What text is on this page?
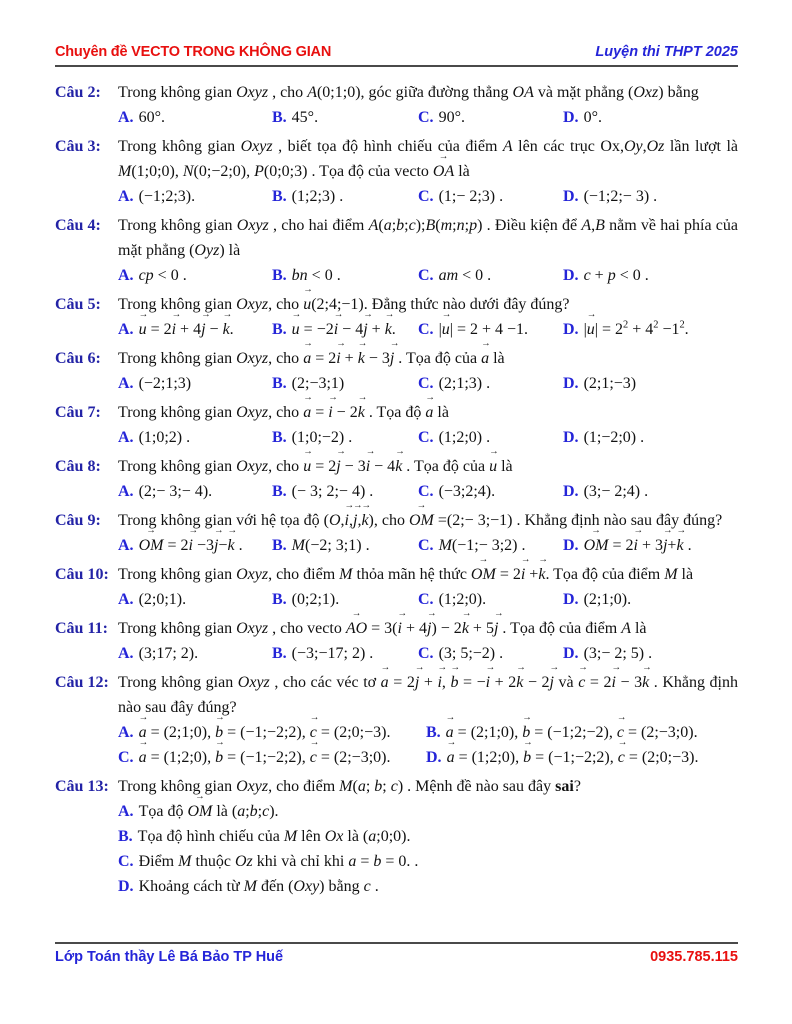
Chuyên đề VECTO TRONG KHÔNG GIAN	Luyện thi THPT 2025
Câu 2:	Trong không gian Oxyz , cho A(0;1;0), góc giữa đường thẳng OA và mặt phẳng (Oxz) bằng
A. 60°.	B. 45°.	C. 90°.	D. 0°.
Câu 3:	Trong không gian Oxyz , biết tọa độ hình chiếu của điểm A lên các trục Ox,Oy,Oz lần lượt là M(1;0;0), N(0;−2;0), P(0;0;3) . Tọa độ của vecto OA → là
A. (−1;2;3).	B. (1;2;3) .	C. (1;− 2;3) .	D. (−1;2;− 3) .
Câu 4:	Trong không gian Oxyz , cho hai điểm A(a;b;c);B(m;n;p) . Điều kiện để A,B nằm về hai phía của mặt phẳng (Oyz) là
A. cp < 0 .	B. bn < 0 .	C. am < 0 .	D. c + p < 0 .
Câu 5:	Trong không gian Oxyz, cho u →(2;4;−1). Đẳng thức nào dưới đây đúng?
A. u → = 2i → + 4j → − k →.	B. u → = −2i → − 4j → + k →.	C. |u →| = 2 + 4 −1.	D. |u →| = $2^2 + 4^2 -1^2$.
Câu 6:	Trong không gian Oxyz, cho a → = 2i → + k → − 3j → . Tọa độ của a → là
A. (−2;1;3)	B. (2;−3;1)	C. (2;1;3) .	D. (2;1;−3)
Câu 7:	Trong không gian Oxyz, cho a → = i → − 2k → . Tọa độ a → là
A. (1;0;2) .	B. (1;0;−2) .	C. (1;2;0) .	D. (1;−2;0) .
Câu 8:	Trong không gian Oxyz, cho u → = 2j → − 3i → − 4k → . Tọa độ của u → là
A. (2;− 3;− 4).	B. (− 3; 2;− 4) .	C. (−3;2;4).	D. (3;− 2;4) .
Câu 9:	Trong không gian với hệ tọa độ (O,i →,j →,k →), cho OM → =(2;− 3;−1) . Khẳng định nào sau đây đúng?
A. OM → = 2i → −3j →−k → .	B. M(−2; 3;1) .	C. M(−1;− 3;2) .	D. OM → = 2i → + 3j →+k → .
Câu 10: Trong không gian Oxyz, cho điểm M thỏa mãn hệ thức OM → = 2i → +k →. Tọa độ của điểm M là
A. (2;0;1).	B. (0;2;1).	C. (1;2;0).	D. (2;1;0).
Câu 11: Trong không gian Oxyz , cho vecto AO → = 3(i → + 4j →) − 2k → + 5j → . Tọa độ của điểm A là
A. (3;17; 2).	B. (−3;−17; 2) .	C. (3; 5;−2) .	D. (3;− 2; 5) .
Câu 12: Trong không gian Oxyz , cho các véc tơ a → = 2j → + i →, b → = −i → + 2k → − 2j → và c → = 2i → − 3k → . Khẳng định nào sau đây đúng?
A. a → = (2;1;0), b → = (−1;−2;2), c → = (2;0;−3).	B. a → = (2;1;0), b → = (−1;2;−2), c → = (2;−3;0).
C. a → = (1;2;0), b → = (−1;−2;2), c → = (2;−3;0).	D. a → = (1;2;0), b → = (−1;−2;2), c → = (2;0;−3).
Câu 13: Trong không gian Oxyz, cho điểm M(a; b; c) . Mệnh đề nào sau đây sai?
A. Tọa độ OM → là (a;b;c).
B. Tọa độ hình chiếu của M lên Ox là (a;0;0).
C. Điểm M thuộc Oz khi và chỉ khi a = b = 0. .
D. Khoảng cách từ M đến (Oxy) bằng c .
Lớp Toán thầy Lê Bá Bảo TP Huế	0935.785.115
